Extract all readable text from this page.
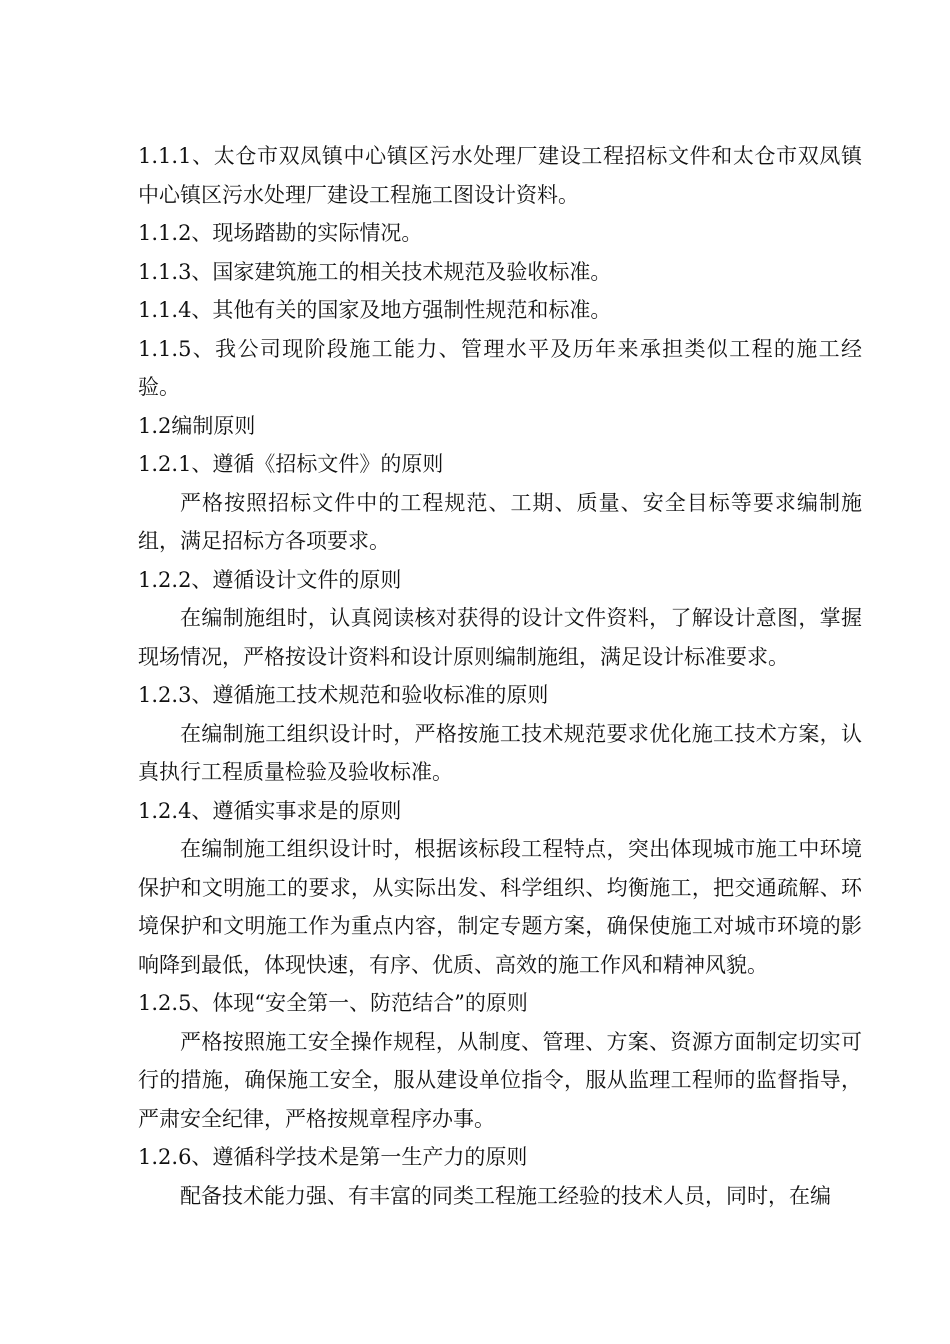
1.1.1、太仓市双凤镇中心镇区污水处理厂建设工程招标文件和太仓市双凤镇中心镇区污水处理厂建设工程施工图设计资料。

1.1.2、现场踏勘的实际情况。

1.1.3、国家建筑施工的相关技术规范及验收标准。

1.1.4、其他有关的国家及地方强制性规范和标准。

1.1.5、我公司现阶段施工能力、管理水平及历年来承担类似工程的施工经验。

1.2编制原则

1.2.1、遵循《招标文件》的原则

严格按照招标文件中的工程规范、工期、质量、安全目标等要求编制施组，满足招标方各项要求。

1.2.2、遵循设计文件的原则

在编制施组时，认真阅读核对获得的设计文件资料，了解设计意图，掌握现场情况，严格按设计资料和设计原则编制施组，满足设计标准要求。

1.2.3、遵循施工技术规范和验收标准的原则

在编制施工组织设计时，严格按施工技术规范要求优化施工技术方案，认真执行工程质量检验及验收标准。

1.2.4、遵循实事求是的原则

在编制施工组织设计时，根据该标段工程特点，突出体现城市施工中环境保护和文明施工的要求，从实际出发、科学组织、均衡施工，把交通疏解、环境保护和文明施工作为重点内容，制定专题方案，确保使施工对城市环境的影响降到最低，体现快速，有序、优质、高效的施工作风和精神风貌。

1.2.5、体现“安全第一、防范结合”的原则

严格按照施工安全操作规程，从制度、管理、方案、资源方面制定切实可行的措施，确保施工安全，服从建设单位指令，服从监理工程师的监督指导，严肃安全纪律，严格按规章程序办事。

1.2.6、遵循科学技术是第一生产力的原则

配备技术能力强、有丰富的同类工程施工经验的技术人员，同时，在编
